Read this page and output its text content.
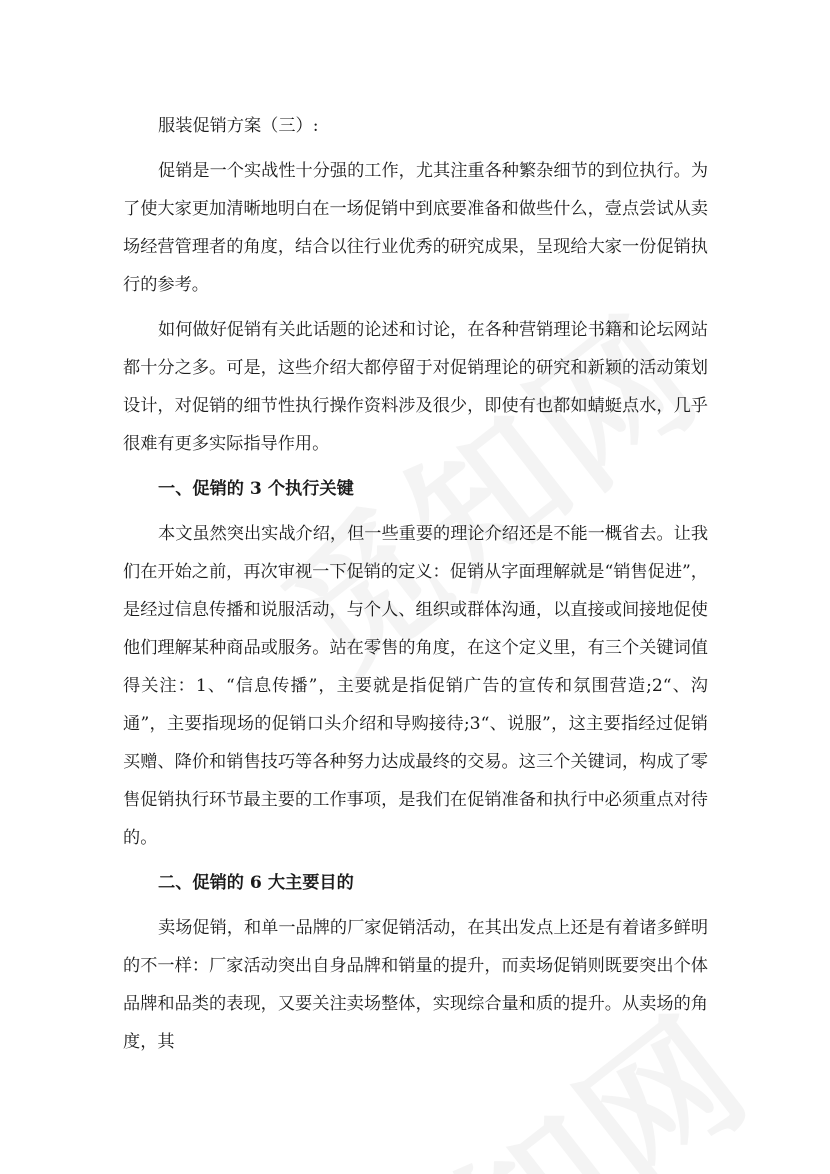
服装促销方案（三）:

促销是一个实战性十分强的工作，尤其注重各种繁杂细节的到位执行。为了使大家更加清晰地明白在一场促销中到底要准备和做些什么，壹点尝试从卖场经营管理者的角度，结合以往行业优秀的研究成果，呈现给大家一份促销执行的参考。

如何做好促销有关此话题的论述和讨论，在各种营销理论书籍和论坛网站都十分之多。可是，这些介绍大都停留于对促销理论的研究和新颖的活动策划设计，对促销的细节性执行操作资料涉及很少，即使有也都如蜻蜓点水，几乎很难有更多实际指导作用。

一、促销的 3 个执行关键

本文虽然突出实战介绍，但一些重要的理论介绍还是不能一概省去。让我们在开始之前，再次审视一下促销的定义：促销从字面理解就是“销售促进”，是经过信息传播和说服活动，与个人、组织或群体沟通，以直接或间接地促使他们理解某种商品或服务。站在零售的角度，在这个定义里，有三个关键词值得关注：1、“信息传播”，主要就是指促销广告的宣传和氛围营造;2“、沟通”，主要指现场的促销口头介绍和导购接待;3“、说服”，这主要指经过促销买赠、降价和销售技巧等各种努力达成最终的交易。这三个关键词，构成了零售促销执行环节最主要的工作事项，是我们在促销准备和执行中必须重点对待的。

二、促销的 6 大主要目的

卖场促销，和单一品牌的厂家促销活动，在其出发点上还是有着诸多鲜明的不一样：厂家活动突出自身品牌和销量的提升，而卖场促销则既要突出个体品牌和品类的表现，又要关注卖场整体，实现综合量和质的提升。从卖场的角度，其
